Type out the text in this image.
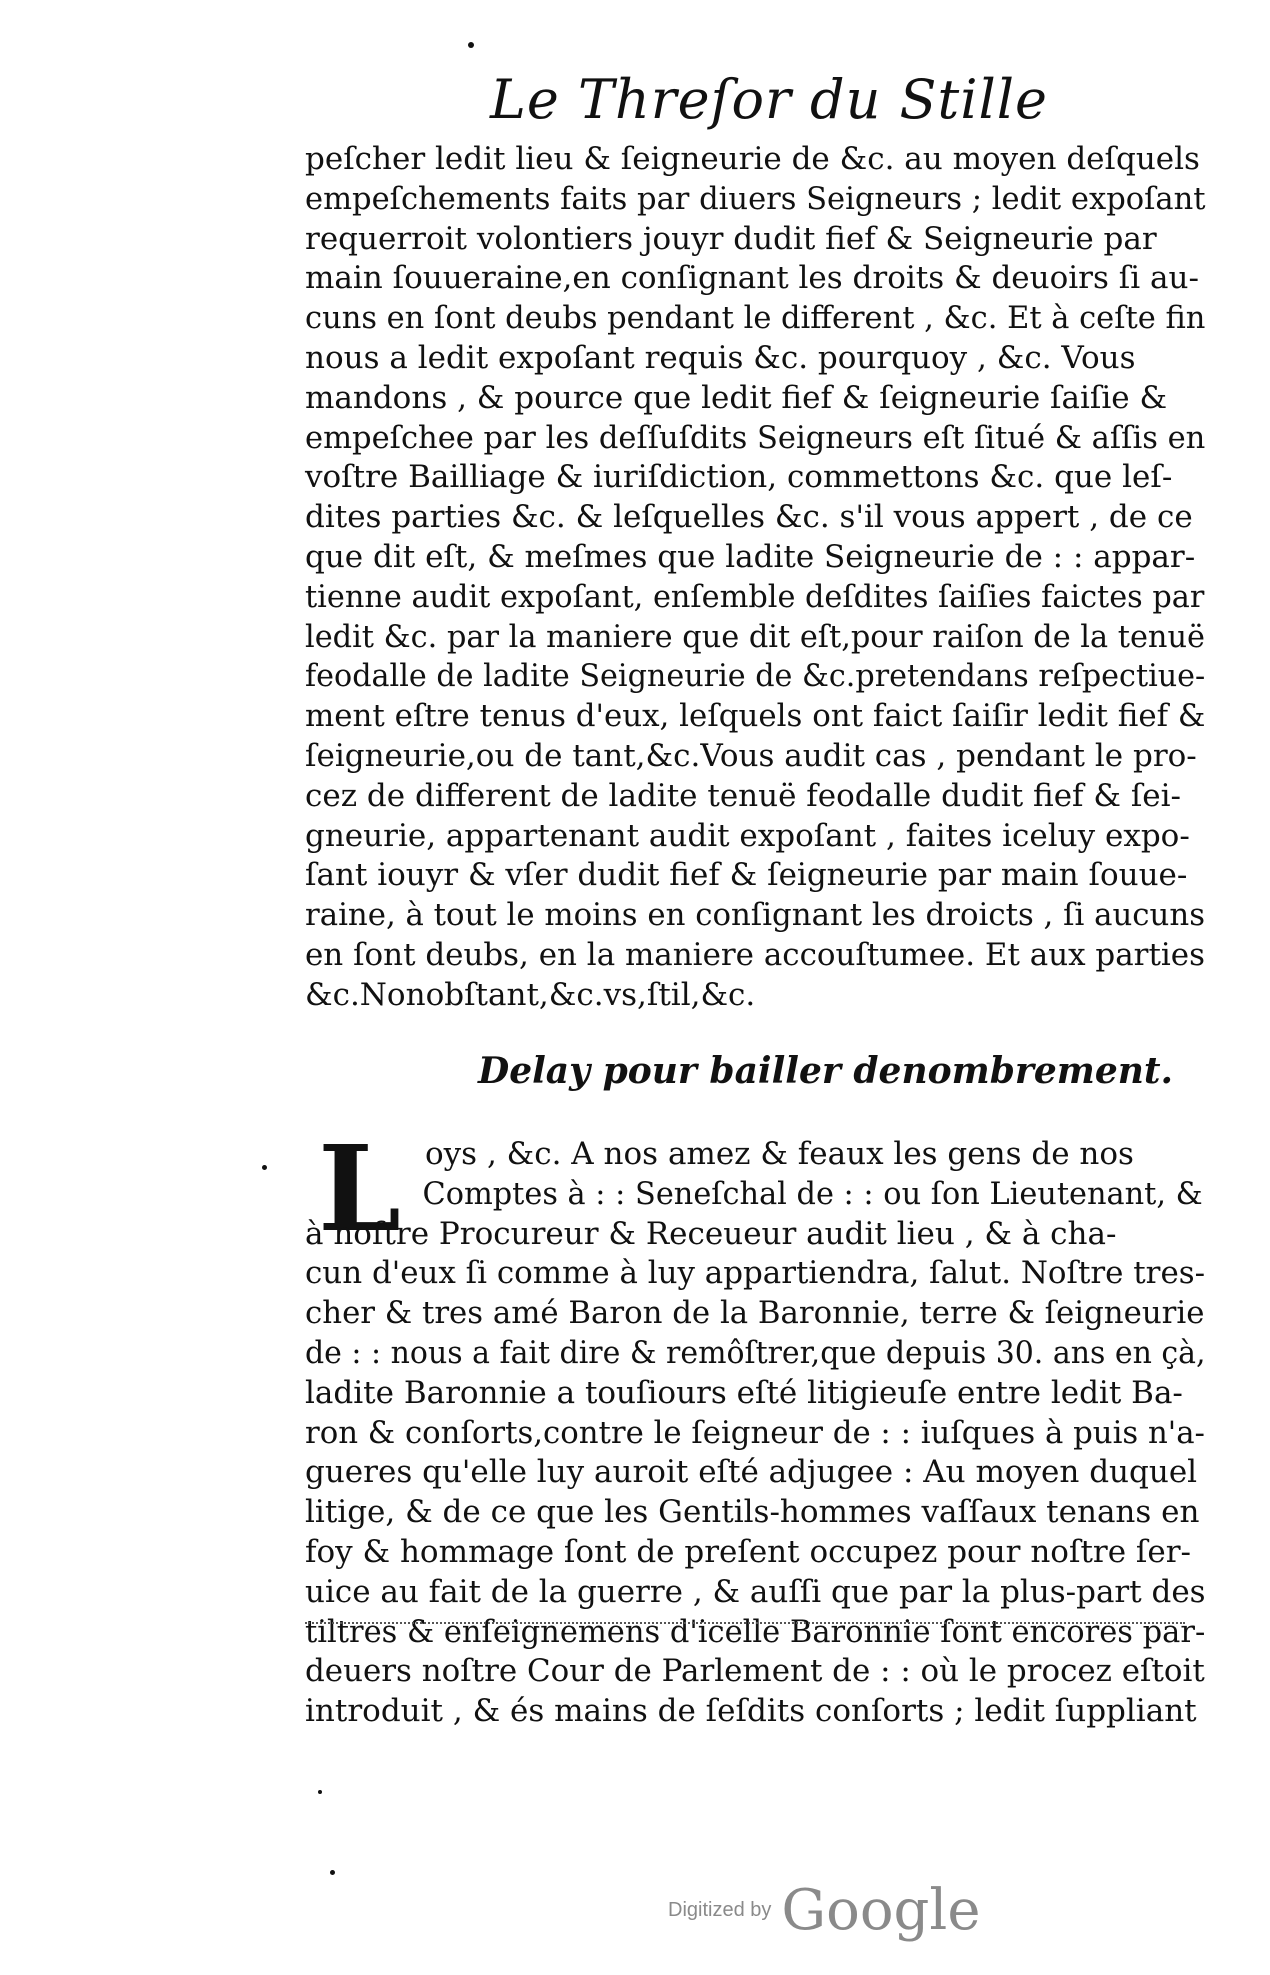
Le Threſor du Stille
peſcher ledit lieu & ſeigneurie de &c. au moyen deſquels
empeſchements faits par diuers Seigneurs ; ledit expoſant
requerroit volontiers jouyr dudit fief & Seigneurie par
main ſouueraine,en conſignant les droits & deuoirs ſi au-
cuns en ſont deubs pendant le different , &c. Et à ceſte fin
nous a ledit expoſant requis &c. pourquoy , &c. Vous
mandons , & pource que ledit fief & ſeigneurie ſaiſie &
empeſchee par les deſſuſdits Seigneurs eſt ſitué & aſſis en
voſtre Bailliage & iuriſdiction, commettons &c. que leſ-
dites parties &c. & leſquelles &c. s'il vous appert , de ce
que dit eſt, & meſmes que ladite Seigneurie de : : appar-
tienne audit expoſant, enſemble deſdites ſaiſies faictes par
ledit &c. par la maniere que dit eſt,pour raiſon de la tenuë
feodalle de ladite Seigneurie de &c.pretendans reſpectiue-
ment eſtre tenus d'eux, leſquels ont faict ſaiſir ledit fief &
ſeigneurie,ou de tant,&c.Vous audit cas , pendant le pro-
cez de different de ladite tenuë feodalle dudit fief & ſei-
gneurie, appartenant audit expoſant , faites iceluy expo-
ſant iouyr & vſer dudit fief & ſeigneurie par main ſouue-
raine, à tout le moins en conſignant les droicts , ſi aucuns
en ſont deubs, en la maniere accouſtumee. Et aux parties
&c.Nonobſtant,&c.vs,ſtil,&c.
Delay pour bailler denombrement.
L oys , &c. A nos amez & feaux les gens de nos
Comptes à : : Seneſchal de : : ou ſon Lieutenant, &
à noſtre Procureur & Receueur audit lieu , & à cha-
cun d'eux ſi comme à luy appartiendra, ſalut. Noſtre tres-
cher & tres amé Baron de la Baronnie, terre & ſeigneurie
de : : nous a fait dire & remôſtrer,que depuis 30. ans en çà,
ladite Baronnie a touſiours eſté litigieuſe entre ledit Ba-
ron & conſorts,contre le ſeigneur de : : iuſques à puis n'a-
gueres qu'elle luy auroit eſté adjugee : Au moyen duquel
litige, & de ce que les Gentils-hommes vaſſaux tenans en
foy & hommage ſont de preſent occupez pour noſtre ſer-
uice au fait de la guerre , & auſſi que par la plus-part des
tiltres & enſeignemens d'icelle Baronnie ſont encores par-
deuers noſtre Cour de Parlement de : : où le procez eſtoit
introduit , & és mains de ſeſdits conſorts ; ledit ſuppliant
Digitized by Google
